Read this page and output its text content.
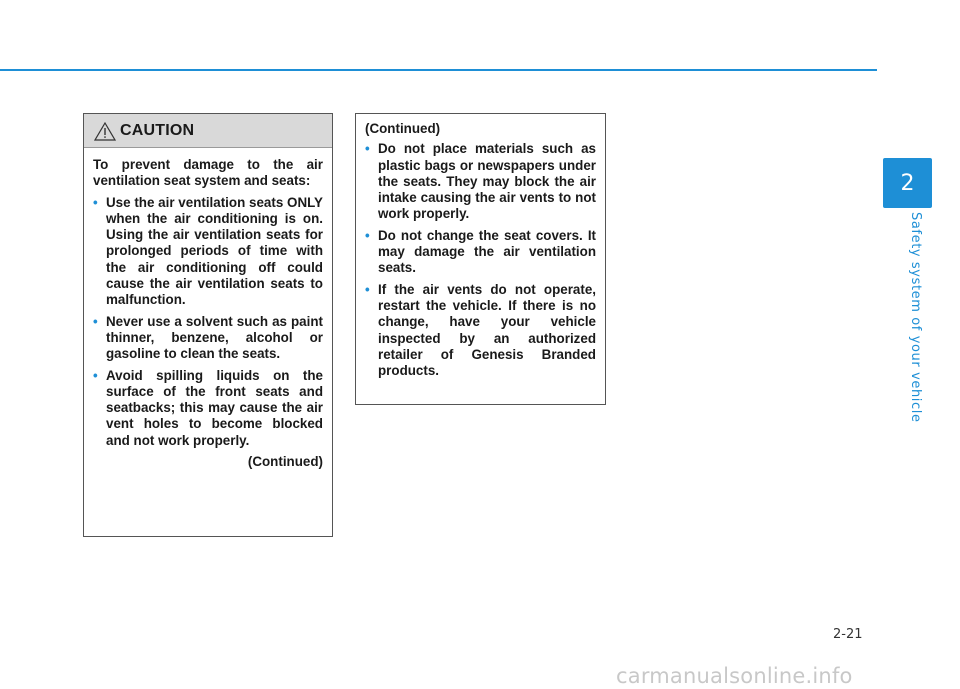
CAUTION

To prevent damage to the air ventilation seat system and seats:

• Use the air ventilation seats ONLY when the air conditioning is on. Using the air ventilation seats for prolonged periods of time with the air conditioning off could cause the air ventilation seats to malfunction.
• Never use a solvent such as paint thinner, benzene, alcohol or gasoline to clean the seats.
• Avoid spilling liquids on the surface of the front seats and seatbacks; this may cause the air vent holes to become blocked and not work properly.
(Continued)

(Continued)

• Do not place materials such as plastic bags or newspapers under the seats. They may block the air intake causing the air vents to not work properly.
• Do not change the seat covers. It may damage the air ventilation seats.
• If the air vents do not operate, restart the vehicle. If there is no change, have your vehicle inspected by an authorized retailer of Genesis Branded products.
2
Safety system of your vehicle
2-21
carmanualsonline.info
